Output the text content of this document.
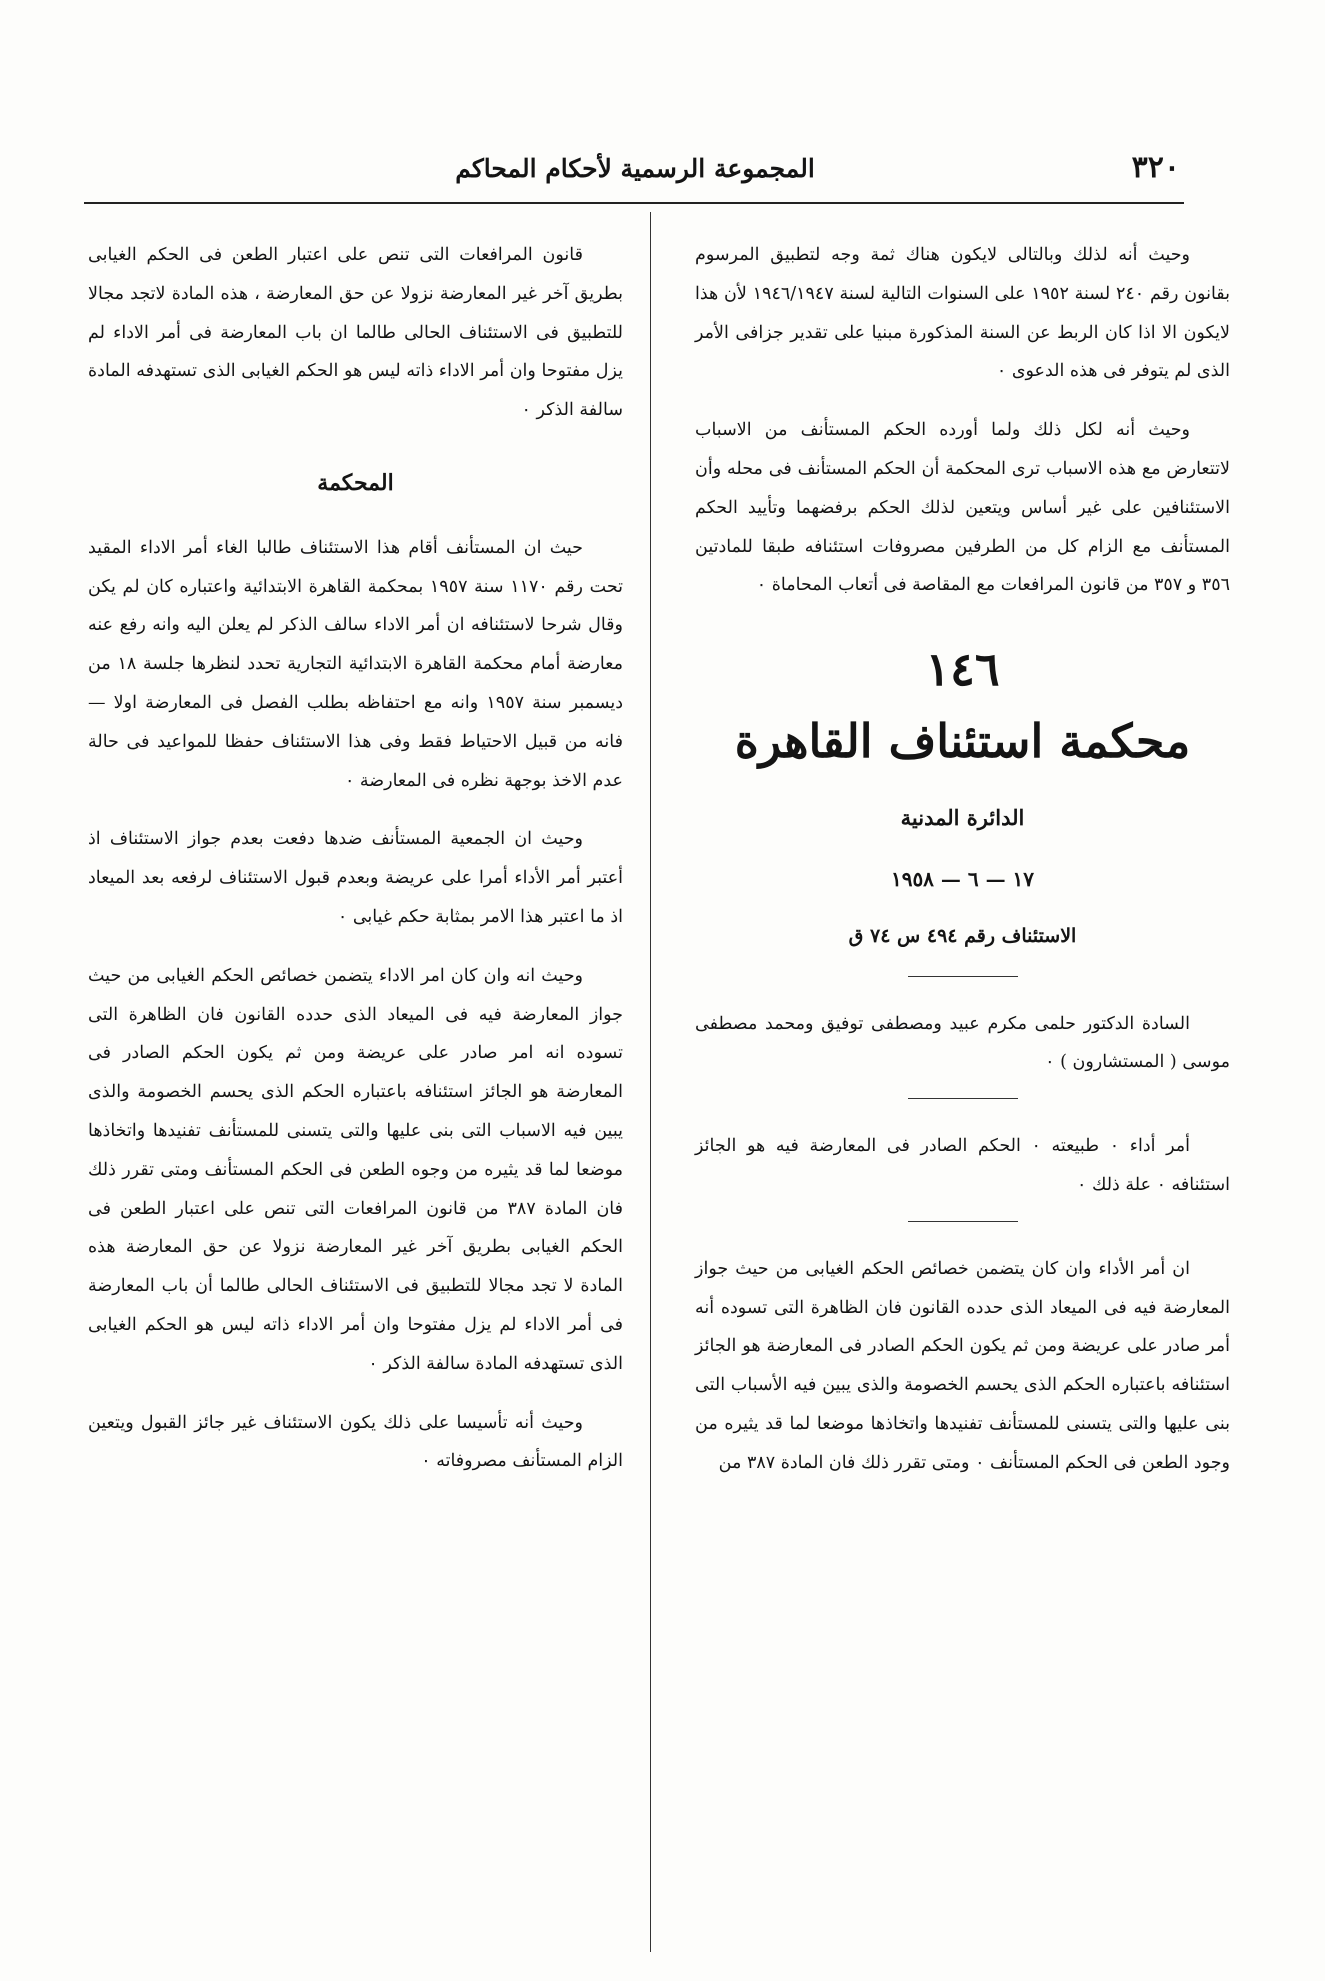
٣٢٠
المجموعة الرسمية لأحكام المحاكم

وحيث أنه لذلك وبالتالى لايكون هناك ثمة وجه لتطبيق المرسوم بقانون رقم ٢٤٠ لسنة ١٩٥٢ على السنوات التالية لسنة ١٩٤٦/١٩٤٧ لأن هذا لايكون الا اذا كان الربط عن السنة المذكورة مبنيا على تقدير جزافى الأمر الذى لم يتوفر فى هذه الدعوى ٠

وحيث أنه لكل ذلك ولما أورده الحكم المستأنف من الاسباب لاتتعارض مع هذه الاسباب ترى المحكمة أن الحكم المستأنف فى محله وأن الاستئنافين على غير أساس ويتعين لذلك الحكم برفضهما وتأييد الحكم المستأنف مع الزام كل من الطرفين مصروفات استئنافه طبقا للمادتين ٣٥٦ و ٣٥٧ من قانون المرافعات مع المقاصة فى أتعاب المحاماة ٠

١٤٦
محكمة استئناف القاهرة
الدائرة المدنية
١٧ — ٦ — ١٩٥٨
الاستئناف رقم ٤٩٤ س ٧٤ ق

السادة الدكتور حلمى مكرم عبيد ومصطفى توفيق ومحمد مصطفى موسى ( المستشارون ) ٠

أمر أداء ٠ طبيعته ٠ الحكم الصادر فى المعارضة فيه هو الجائز استئنافه ٠ علة ذلك ٠

ان أمر الأداء وان كان يتضمن خصائص الحكم الغيابى من حيث جواز المعارضة فيه فى الميعاد الذى حدده القانون فان الظاهرة التى تسوده أنه أمر صادر على عريضة ومن ثم يكون الحكم الصادر فى المعارضة هو الجائز استئنافه باعتباره الحكم الذى يحسم الخصومة والذى يبين فيه الأسباب التى بنى عليها والتى يتسنى للمستأنف تفنيدها واتخاذها موضعا لما قد يثيره من وجود الطعن فى الحكم المستأنف ٠ ومتى تقرر ذلك فان المادة ٣٨٧ من

قانون المرافعات التى تنص على اعتبار الطعن فى الحكم الغيابى بطريق آخر غير المعارضة نزولا عن حق المعارضة ، هذه المادة لاتجد مجالا للتطبيق فى الاستئناف الحالى طالما ان باب المعارضة فى أمر الاداء لم يزل مفتوحا وان أمر الاداء ذاته ليس هو الحكم الغيابى الذى تستهدفه المادة سالفة الذكر ٠

المحكمة

حيث ان المستأنف أقام هذا الاستئناف طالبا الغاء أمر الاداء المقيد تحت رقم ١١٧٠ سنة ١٩٥٧ بمحكمة القاهرة الابتدائية واعتباره كان لم يكن وقال شرحا لاستئنافه ان أمر الاداء سالف الذكر لم يعلن اليه وانه رفع عنه معارضة أمام محكمة القاهرة الابتدائية التجارية تحدد لنظرها جلسة ١٨ من ديسمبر سنة ١٩٥٧ وانه مع احتفاظه بطلب الفصل فى المعارضة اولا — فانه من قبيل الاحتياط فقط وفى هذا الاستئناف حفظا للمواعيد فى حالة عدم الاخذ بوجهة نظره فى المعارضة ٠

وحيث ان الجمعية المستأنف ضدها دفعت بعدم جواز الاستئناف اذ أعتبر أمر الأداء أمرا على عريضة وبعدم قبول الاستئناف لرفعه بعد الميعاد اذ ما اعتبر هذا الامر بمثابة حكم غيابى ٠

وحيث انه وان كان امر الاداء يتضمن خصائص الحكم الغيابى من حيث جواز المعارضة فيه فى الميعاد الذى حدده القانون فان الظاهرة التى تسوده انه امر صادر على عريضة ومن ثم يكون الحكم الصادر فى المعارضة هو الجائز استئنافه باعتباره الحكم الذى يحسم الخصومة والذى يبين فيه الاسباب التى بنى عليها والتى يتسنى للمستأنف تفنيدها واتخاذها موضعا لما قد يثيره من وجوه الطعن فى الحكم المستأنف ومتى تقرر ذلك فان المادة ٣٨٧ من قانون المرافعات التى تنص على اعتبار الطعن فى الحكم الغيابى بطريق آخر غير المعارضة نزولا عن حق المعارضة هذه المادة لا تجد مجالا للتطبيق فى الاستئناف الحالى طالما أن باب المعارضة فى أمر الاداء لم يزل مفتوحا وان أمر الاداء ذاته ليس هو الحكم الغيابى الذى تستهدفه المادة سالفة الذكر ٠

وحيث أنه تأسيسا على ذلك يكون الاستئناف غير جائز القبول ويتعين الزام المستأنف مصروفاته ٠
